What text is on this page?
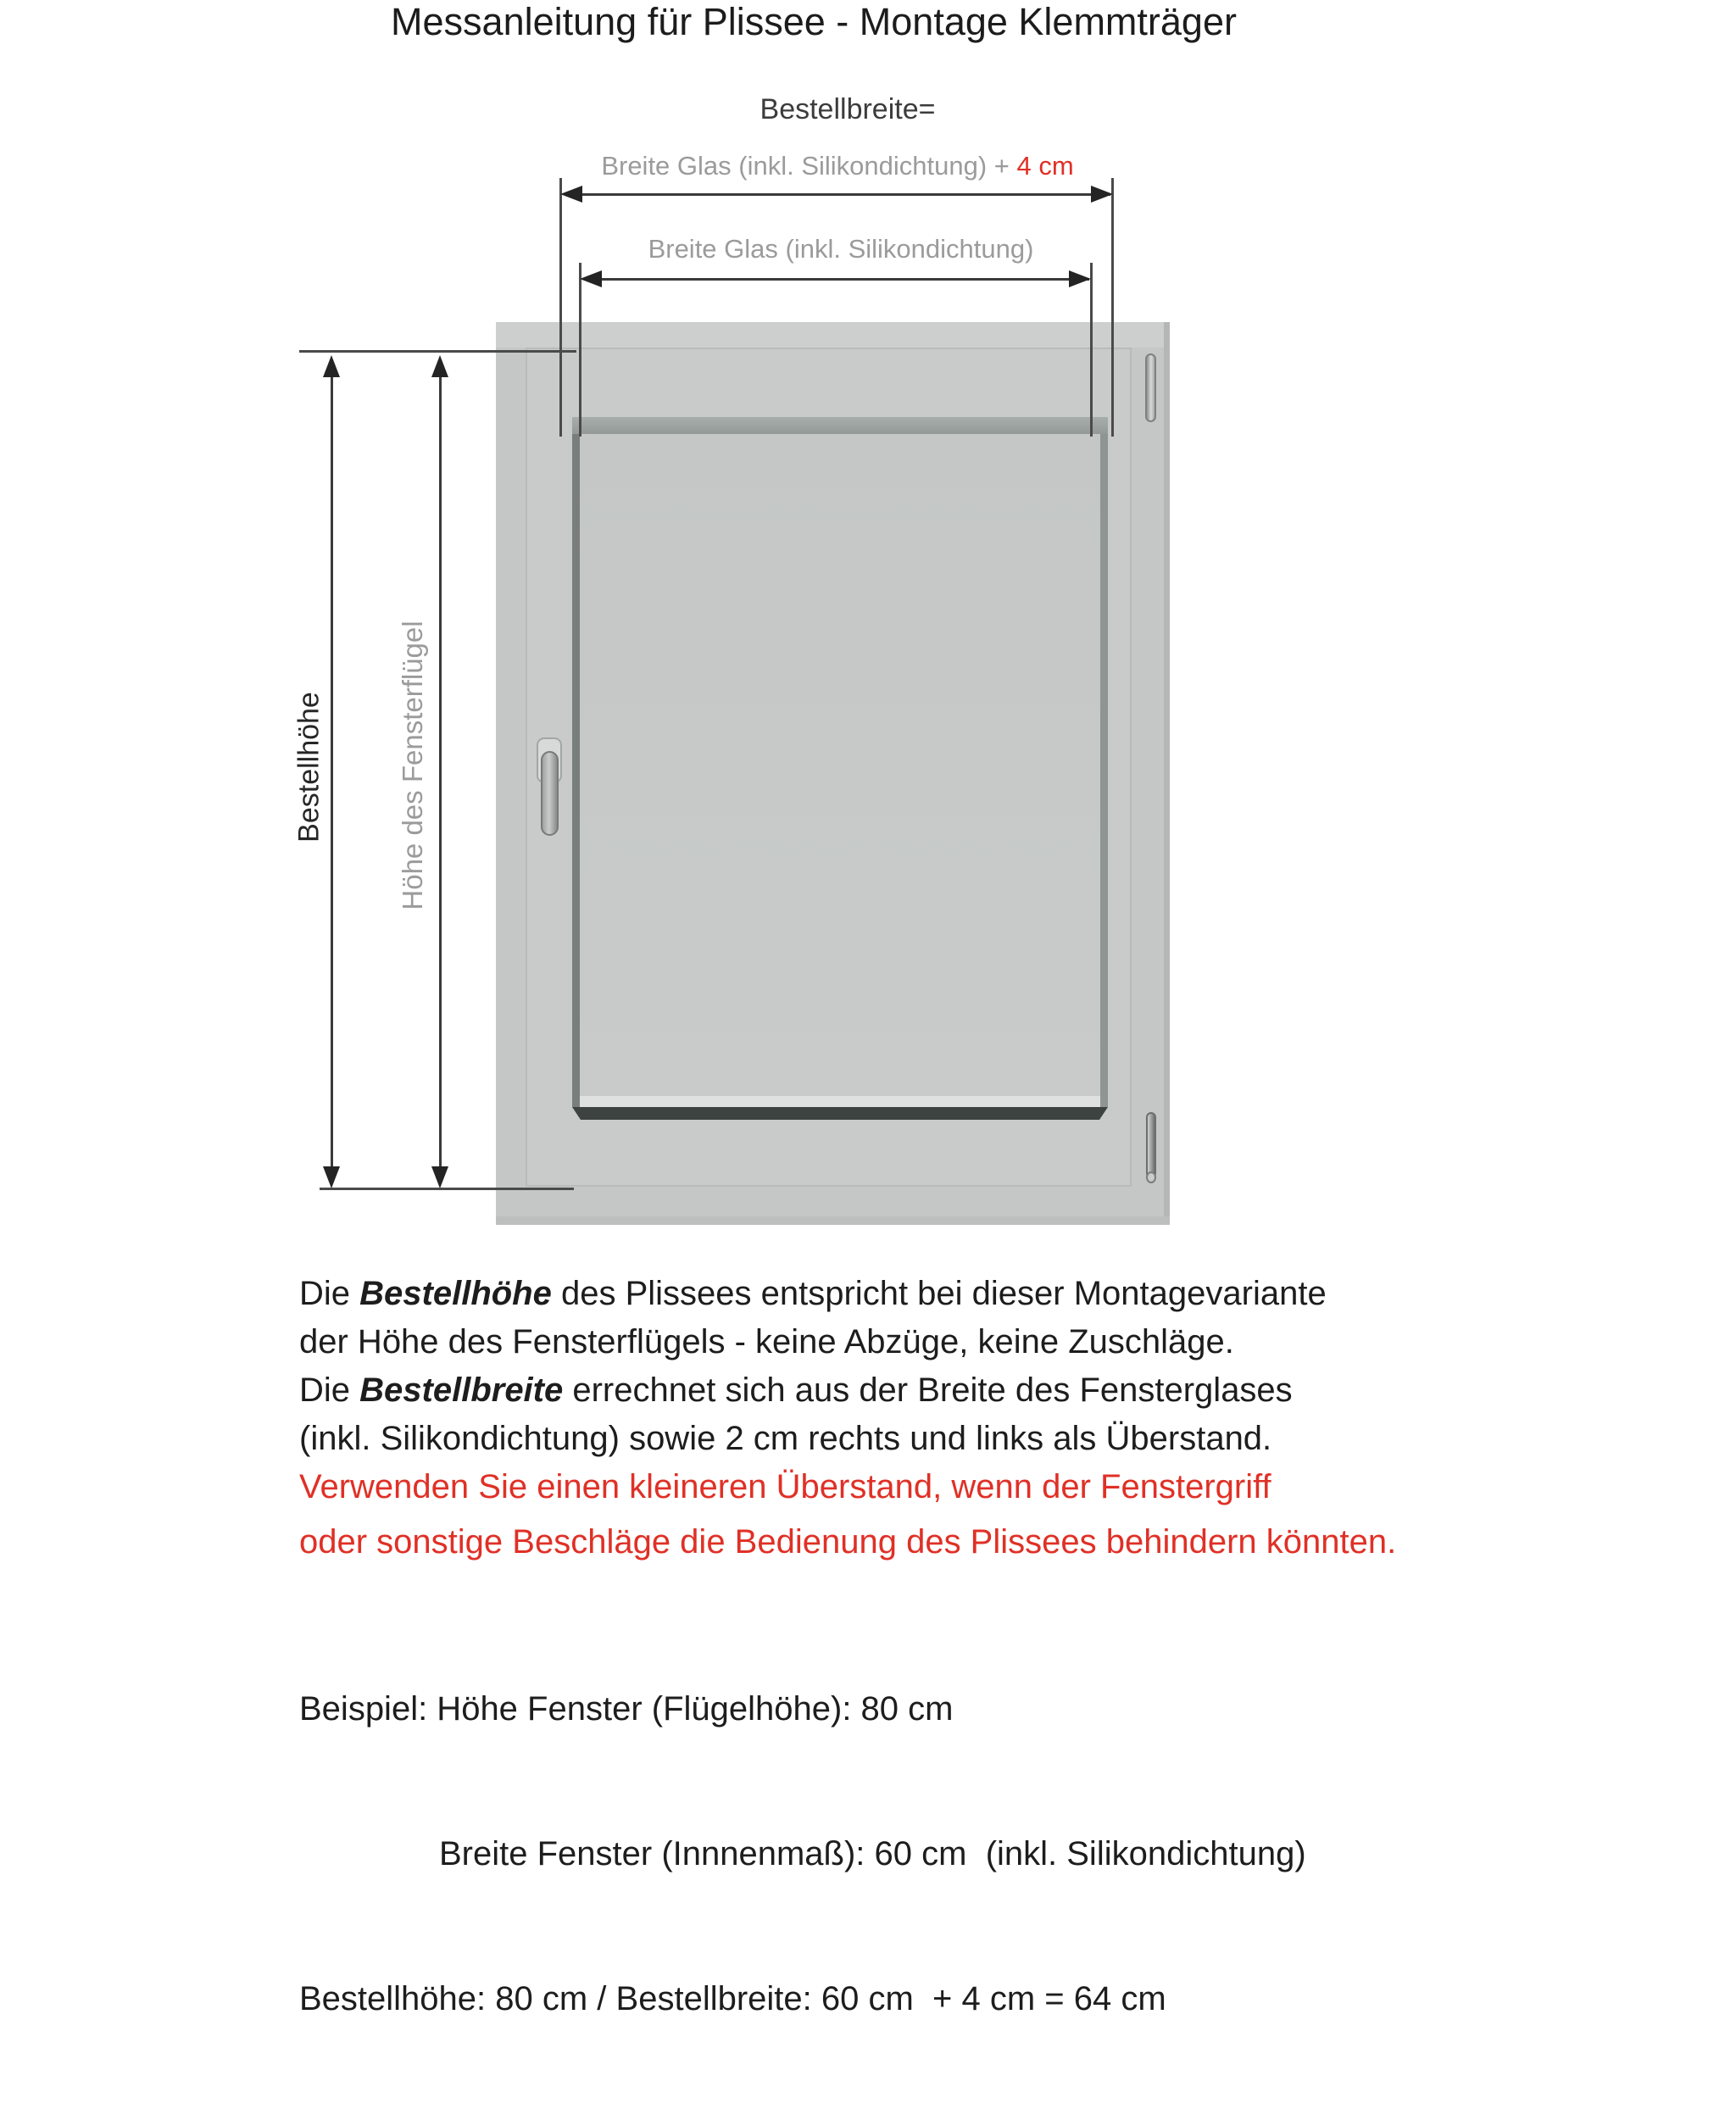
Messanleitung für Plissee - Montage Klemmträger
Bestellbreite=
Breite Glas (inkl. Silikondichtung) + 4 cm
Breite Glas (inkl. Silikondichtung)
Bestellhöhe	Höhe des Fensterflügel
Die Bestellhöhe des Plissees entspricht bei dieser Montagevariante
der Höhe des Fensterflügels - keine Abzüge, keine Zuschläge.
Die Bestellbreite errechnet sich aus der Breite des Fensterglases
(inkl. Silikondichtung) sowie 2 cm rechts und links als Überstand.
Verwenden Sie einen kleineren Überstand, wenn der Fenstergriff
oder sonstige Beschläge die Bedienung des Plissees behindern könnten.

Beispiel: Höhe Fenster (Flügelhöhe): 80 cm

Breite Fenster (Innnenmaß): 60 cm  (inkl. Silikondichtung)

Bestellhöhe: 80 cm / Bestellbreite: 60 cm  + 4 cm = 64 cm
